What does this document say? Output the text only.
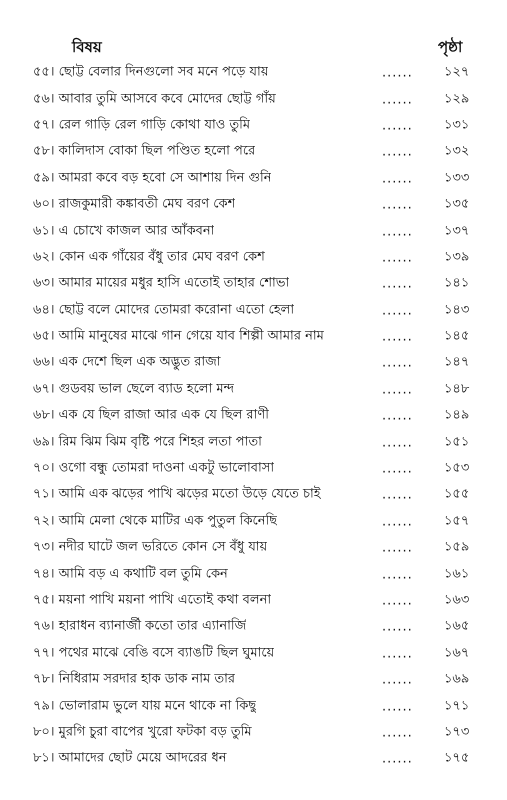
বিষয়	পৃষ্ঠা
৫৫ । ছোট্ট বেলার দিনগুলো সব মনে পড়ে যায়	...... ১২৭
৫৬ । আবার তুমি আসবে কবে মোদের ছোট্ট গাঁয়	...... ১২৯
৫৭ । রেল গাড়ি রেল গাড়ি কোথা যাও তুমি	...... ১৩১
৫৮ । কালিদাস বোকা ছিল পণ্ডিত হলো পরে	...... ১৩২
৫৯ । আমরা কবে বড় হবো সে আশায় দিন গুনি	...... ১৩৩
৬০ । রাজকুমারী কঙ্কাবতী মেঘ বরণ কেশ	...... ১৩৫
৬১ । এ চোখে কাজল আর আঁকবনা	...... ১৩৭
৬২ । কোন এক গাঁয়ের বঁধু তার মেঘ বরণ কেশ	...... ১৩৯
৬৩ । আমার মায়ের মধুর হাসি এতোই তাহার শোভা	...... ১৪১
৬৪ । ছোট্ট বলে মোদের তোমরা করোনা এতো হেলা	...... ১৪৩
৬৫ । আমি মানুষের মাঝে গান গেয়ে যাব শিল্পী আমার নাম	...... ১৪৫
৬৬ । এক দেশে ছিল এক অদ্ভুত রাজা	...... ১৪৭
৬৭ । গুডবয় ভাল ছেলে ব্যাড হলো মন্দ	...... ১৪৮
৬৮ । এক যে ছিল রাজা আর এক যে ছিল রাণী	...... ১৪৯
৬৯ । রিম ঝিম ঝিম বৃষ্টি পরে শিহর লতা পাতা	...... ১৫১
৭০ । ওগো বন্ধু তোমরা দাওনা একটু ভালোবাসা	...... ১৫৩
৭১ । আমি এক ঝড়ের পাখি ঝড়ের মতো উড়ে যেতে চাই	...... ১৫৫
৭২ । আমি মেলা থেকে মাটির এক পুতুল কিনেছি	...... ১৫৭
৭৩ । নদীর ঘাটে জল ভরিতে কোন সে বঁধু যায়	...... ১৫৯
৭৪ । আমি বড় এ কথাটি বল তুমি কেন	...... ১৬১
৭৫ । ময়না পাখি ময়না পাখি এতোই কথা বলনা	...... ১৬৩
৭৬ । হারাধন ব্যানার্জী কতো তার এ্যানার্জি	...... ১৬৫
৭৭ । পথের মাঝে বেঙি বসে ব্যাঙটি ছিল ঘুমায়ে	...... ১৬৭
৭৮ । নিধিরাম সরদার হাক ডাক নাম তার	...... ১৬৯
৭৯ । ভোলারাম ভুলে যায় মনে থাকে না কিছু	...... ১৭১
৮০ । মুরগি চুরা বাপের খুরো ফটকা বড় তুমি	...... ১৭৩
৮১ । আমাদের ছোট মেয়ে আদরের ধন	...... ১৭৫
